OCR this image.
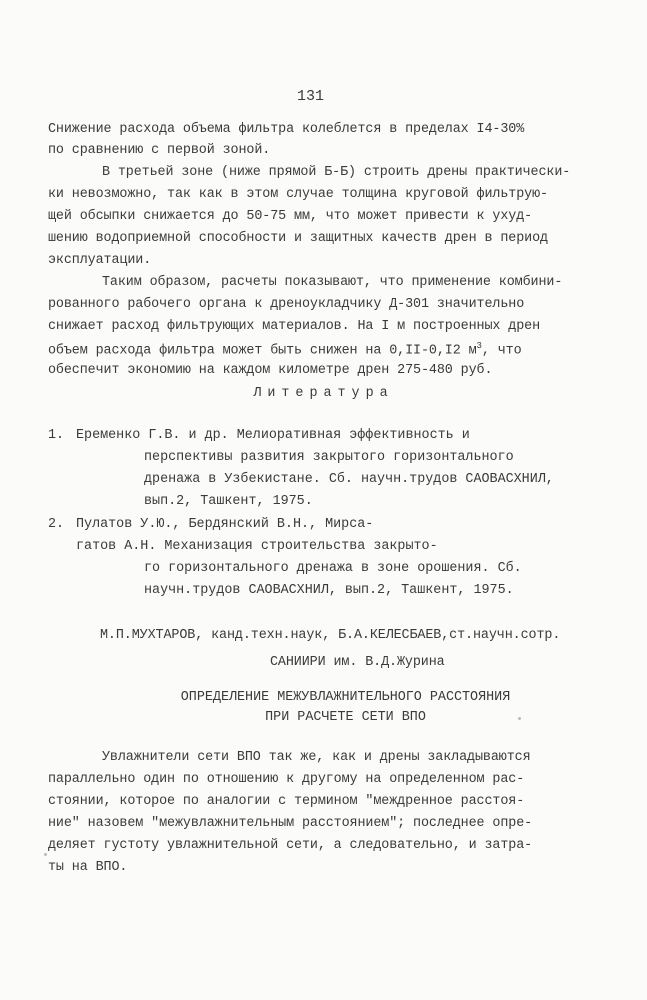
131
Снижение расхода объема фильтра колеблется в пределах I4-30%
по сравнению с первой зоной.
В третьей зоне (ниже прямой Б-Б) строить дрены практически-
ки невозможно, так как в этом случае толщина круговой фильтрую-
щей обсыпки снижается до 50-75 мм, что может привести к ухуд-
шению водоприемной способности и защитных качеств дрен в период
эксплуатации.
Таким образом, расчеты показывают, что применение комбини-
рованного рабочего органа к дреноукладчику Д-301 значительно
снижает расход фильтрующих материалов. На I м построенных дрен
объем расхода фильтра может быть снижен на 0,II-0,I2 $м^3$, что
обеспечит экономию на каждом километре дрен 275-480 руб.
Литература
1. Еременко Г.В. и др. Мелиоративная эффективность и
перспективы развития закрытого горизонтального
дренажа в Узбекистане. Сб. научн.трудов САОВАСХНИЛ,
вып.2, Ташкент, 1975.
2. Пулатов У.Ю., Бердянский В.Н., Мирса-
гатов А.Н. Механизация строительства закрыто-
го горизонтального дренажа в зоне орошения. Сб.
научн.трудов САОВАСХНИЛ, вып.2, Ташкент, 1975.
М.П.МУХТАРОВ, канд.техн.наук, Б.А.КЕЛЕСБАЕВ,ст.научн.сотр.
САНИИРИ им. В.Д.Журина
ОПРЕДЕЛЕНИЕ МЕЖУВЛАЖНИТЕЛЬНОГО РАССТОЯНИЯ
ПРИ РАСЧЕТЕ СЕТИ ВПО
Увлажнители сети ВПО так же, как и дрены закладываются
параллельно один по отношению к другому на определенном рас-
стоянии, которое по аналогии с термином "междренное расстоя-
ние" назовем "межувлажнительным расстоянием"; последнее опре-
деляет густоту увлажнительной сети, а следовательно, и затра-
ты на ВПО.
